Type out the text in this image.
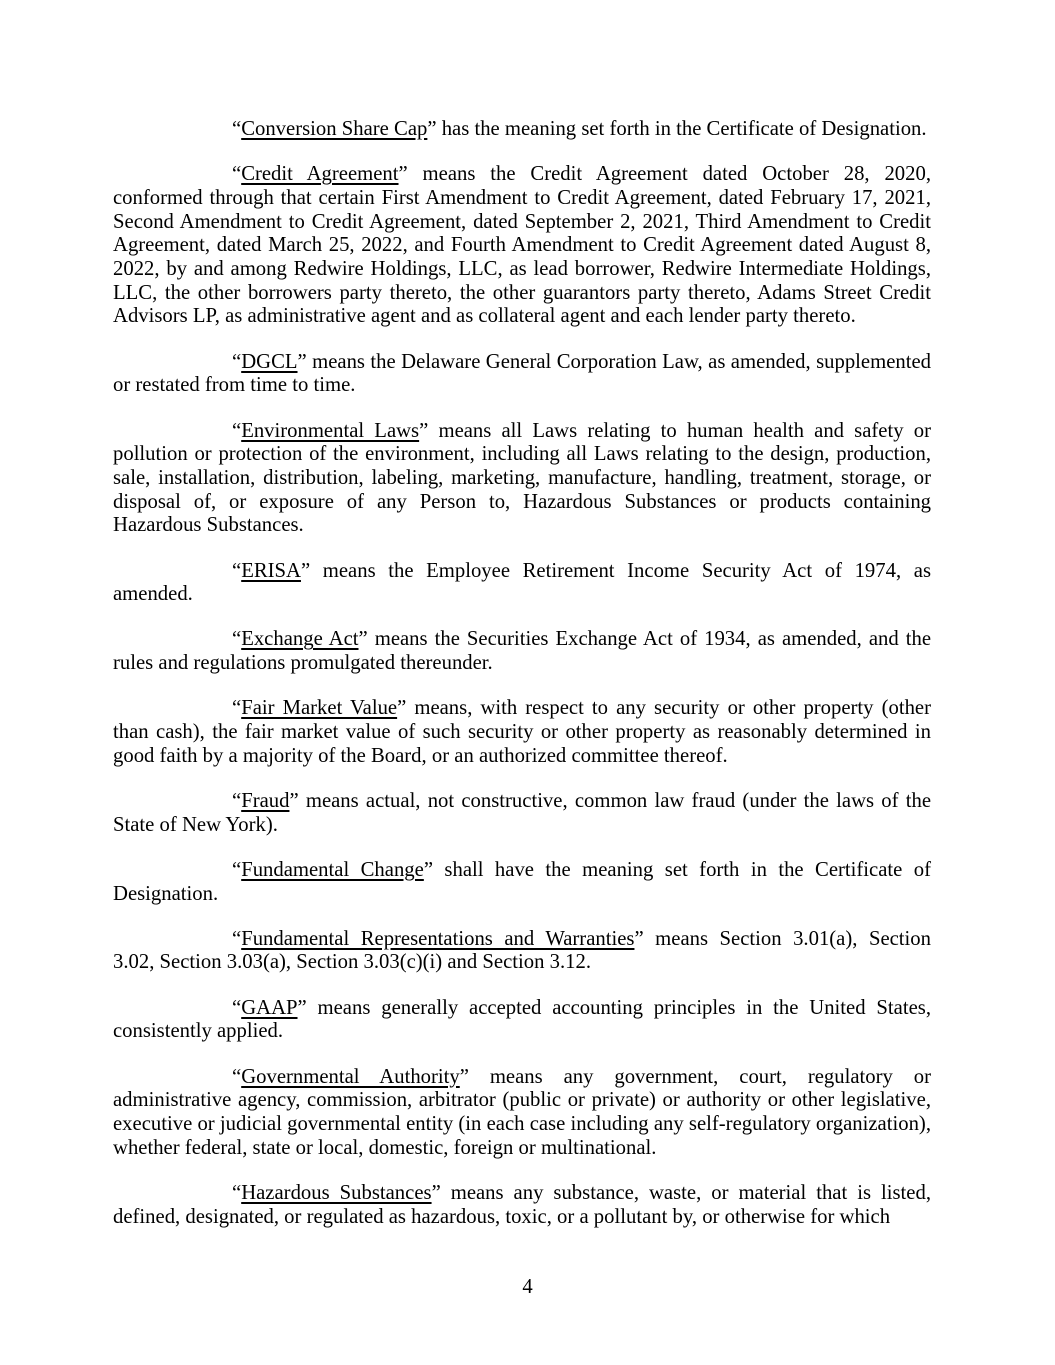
“Conversion Share Cap” has the meaning set forth in the Certificate of Designation.

“Credit Agreement” means the Credit Agreement dated October 28, 2020, conformed through that certain First Amendment to Credit Agreement, dated February 17, 2021, Second Amendment to Credit Agreement, dated September 2, 2021, Third Amendment to Credit Agreement, dated March 25, 2022, and Fourth Amendment to Credit Agreement dated August 8, 2022, by and among Redwire Holdings, LLC, as lead borrower, Redwire Intermediate Holdings, LLC, the other borrowers party thereto, the other guarantors party thereto, Adams Street Credit Advisors LP, as administrative agent and as collateral agent and each lender party thereto.

“DGCL” means the Delaware General Corporation Law, as amended, supplemented or restated from time to time.

“Environmental Laws” means all Laws relating to human health and safety or pollution or protection of the environment, including all Laws relating to the design, production, sale, installation, distribution, labeling, marketing, manufacture, handling, treatment, storage, or disposal of, or exposure of any Person to, Hazardous Substances or products containing Hazardous Substances.

“ERISA” means the Employee Retirement Income Security Act of 1974, as amended.

“Exchange Act” means the Securities Exchange Act of 1934, as amended, and the rules and regulations promulgated thereunder.

“Fair Market Value” means, with respect to any security or other property (other than cash), the fair market value of such security or other property as reasonably determined in good faith by a majority of the Board, or an authorized committee thereof.

“Fraud” means actual, not constructive, common law fraud (under the laws of the State of New York).

“Fundamental Change” shall have the meaning set forth in the Certificate of Designation.

“Fundamental Representations and Warranties” means Section 3.01(a), Section 3.02, Section 3.03(a), Section 3.03(c)(i) and Section 3.12.

“GAAP” means generally accepted accounting principles in the United States, consistently applied.

“Governmental Authority” means any government, court, regulatory or administrative agency, commission, arbitrator (public or private) or authority or other legislative, executive or judicial governmental entity (in each case including any self-regulatory organization), whether federal, state or local, domestic, foreign or multinational.

“Hazardous Substances” means any substance, waste, or material that is listed, defined, designated, or regulated as hazardous, toxic, or a pollutant by, or otherwise for which

4
